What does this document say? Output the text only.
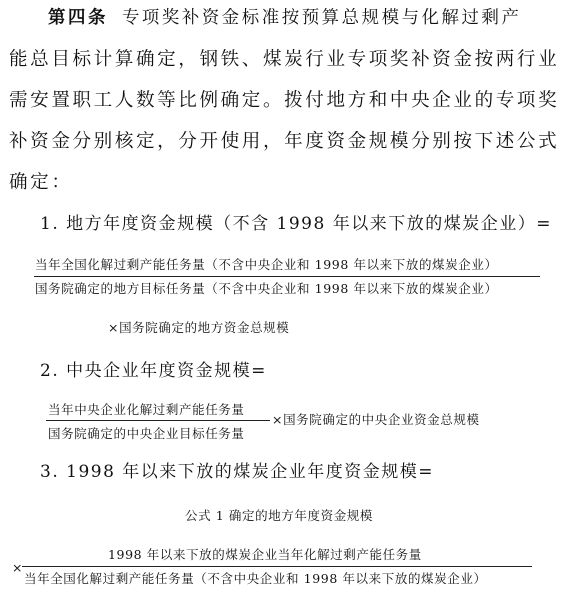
第四条 专项奖补资金标准按预算总规模与化解过剩产
能总目标计算确定，钢铁、煤炭行业专项奖补资金按两行业
需安置职工人数等比例确定。拨付地方和中央企业的专项奖
补资金分别核定，分开使用，年度资金规模分别按下述公式
确定：
1. 地方年度资金规模（不含 1998 年以来下放的煤炭企业）=
当年全国化解过剩产能任务量（不含中央企业和 1998 年以来下放的煤炭企业）
国务院确定的地方目标任务量（不含中央企业和 1998 年以来下放的煤炭企业）
×国务院确定的地方资金总规模
2. 中央企业年度资金规模=
当年中央企业化解过剩产能任务量
国务院确定的中央企业目标任务量
×国务院确定的中央企业资金总规模
3. 1998 年以来下放的煤炭企业年度资金规模=
公式 1 确定的地方年度资金规模
1998 年以来下放的煤炭企业当年化解过剩产能任务量
×
当年全国化解过剩产能任务量（不含中央企业和 1998 年以来下放的煤炭企业）
